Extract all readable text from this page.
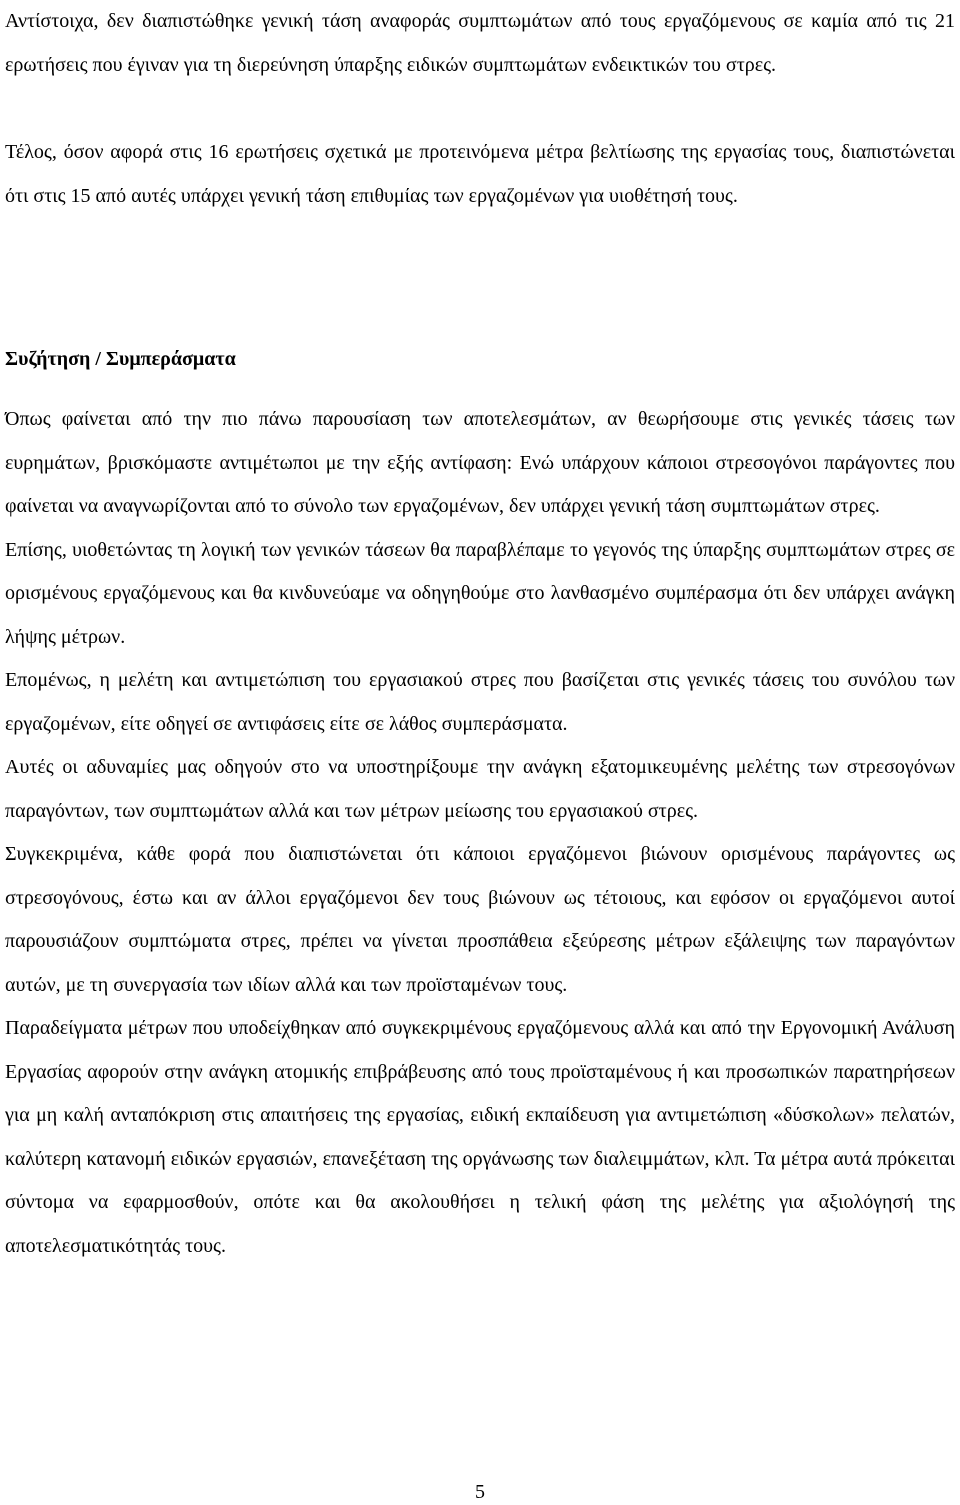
Αντίστοιχα, δεν διαπιστώθηκε γενική τάση αναφοράς συμπτωμάτων από τους εργαζόμενους σε καμία από τις 21 ερωτήσεις που έγιναν για τη διερεύνηση ύπαρξης ειδικών συμπτωμάτων ενδεικτικών του στρες.

Τέλος, όσον αφορά στις 16 ερωτήσεις σχετικά με προτεινόμενα μέτρα βελτίωσης της εργασίας τους, διαπιστώνεται ότι στις 15 από αυτές υπάρχει γενική τάση επιθυμίας των εργαζομένων για υιοθέτησή τους.

Συζήτηση / Συμπεράσματα

Όπως φαίνεται από την πιο πάνω παρουσίαση των αποτελεσμάτων, αν θεωρήσουμε στις γενικές τάσεις των ευρημάτων, βρισκόμαστε αντιμέτωποι με την εξής αντίφαση: Ενώ υπάρχουν κάποιοι στρεσογόνοι παράγοντες που φαίνεται να αναγνωρίζονται από το σύνολο των εργαζομένων, δεν υπάρχει γενική τάση συμπτωμάτων στρες.

Επίσης, υιοθετώντας τη λογική των γενικών τάσεων θα παραβλέπαμε το γεγονός της ύπαρξης συμπτωμάτων στρες σε ορισμένους εργαζόμενους και θα κινδυνεύαμε να οδηγηθούμε στο λανθασμένο συμπέρασμα ότι δεν υπάρχει ανάγκη λήψης μέτρων.

Επομένως, η μελέτη και αντιμετώπιση του εργασιακού στρες που βασίζεται στις γενικές τάσεις του συνόλου των εργαζομένων, είτε οδηγεί σε αντιφάσεις είτε σε λάθος συμπεράσματα.

Αυτές οι αδυναμίες μας οδηγούν στο να υποστηρίξουμε την ανάγκη εξατομικευμένης μελέτης των στρεσογόνων παραγόντων, των συμπτωμάτων αλλά και των μέτρων μείωσης του εργασιακού στρες.

Συγκεκριμένα, κάθε φορά που διαπιστώνεται ότι κάποιοι εργαζόμενοι βιώνουν ορισμένους παράγοντες ως στρεσογόνους, έστω και αν άλλοι εργαζόμενοι δεν τους βιώνουν ως τέτοιους, και εφόσον οι εργαζόμενοι αυτοί παρουσιάζουν συμπτώματα στρες, πρέπει να γίνεται προσπάθεια εξεύρεσης μέτρων εξάλειψης των παραγόντων αυτών, με τη συνεργασία των ιδίων αλλά και των προϊσταμένων τους.

Παραδείγματα μέτρων που υποδείχθηκαν από συγκεκριμένους εργαζόμενους αλλά και από την Εργονομική Ανάλυση Εργασίας αφορούν στην ανάγκη ατομικής επιβράβευσης από τους προϊσταμένους ή και προσωπικών παρατηρήσεων για μη καλή ανταπόκριση στις απαιτήσεις της εργασίας, ειδική εκπαίδευση για αντιμετώπιση «δύσκολων» πελατών, καλύτερη κατανομή ειδικών εργασιών, επανεξέταση της οργάνωσης των διαλειμμάτων, κλπ. Τα μέτρα αυτά πρόκειται σύντομα να εφαρμοσθούν, οπότε και θα ακολουθήσει η τελική φάση της μελέτης για αξιολόγησή της αποτελεσματικότητάς τους.

5
